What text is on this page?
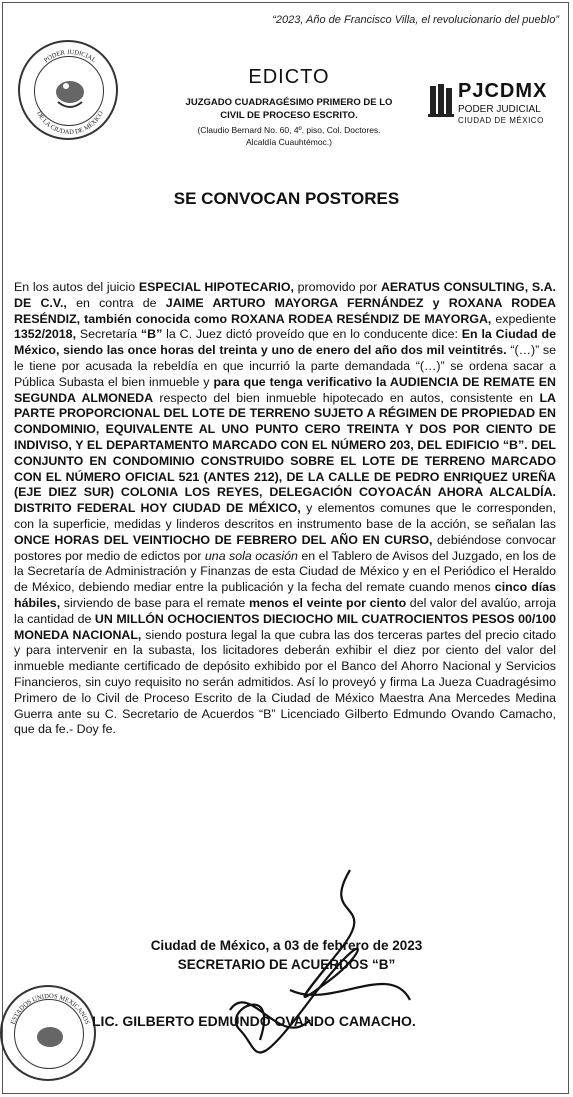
“2023, Año de Francisco Villa, el revolucionario del pueblo”
PODER JUDICIAL
DE LA CIUDAD DE MÉXICO
EDICTO
JUZGADO CUADRAGÉSIMO PRIMERO DE LO
CIVIL DE PROCESO ESCRITO.
(Claudio Bernard No. 60, 4º. piso, Col. Doctores.
Alcaldía Cuauhtémoc.)
PJCDMX
PODER JUDICIAL
CIUDAD DE MÉXICO
SE CONVOCAN POSTORES
En los autos del juicio ESPECIAL HIPOTECARIO, promovido por AERATUS CONSULTING, S.A. DE C.V., en contra de JAIME ARTURO MAYORGA FERNÁNDEZ y ROXANA RODEA RESÉNDIZ, también conocida como ROXANA RODEA RESÉNDIZ DE MAYORGA, expediente 1352/2018, Secretaría “B” la C. Juez dictó proveído que en lo conducente dice: En la Ciudad de México, siendo las once horas del treinta y uno de enero del año dos mil veintitrés. “(…)” se le tiene por acusada la rebeldía en que incurrió la parte demandada “(…)” se ordena sacar a Pública Subasta el bien inmueble y para que tenga verificativo la AUDIENCIA DE REMATE EN SEGUNDA ALMONEDA respecto del bien inmueble hipotecado en autos, consistente en LA PARTE PROPORCIONAL DEL LOTE DE TERRENO SUJETO A RÉGIMEN DE PROPIEDAD EN CONDOMINIO, EQUIVALENTE AL UNO PUNTO CERO TREINTA Y DOS POR CIENTO DE INDIVISO, Y EL DEPARTAMENTO MARCADO CON EL NÚMERO 203, DEL EDIFICIO “B”. DEL CONJUNTO EN CONDOMINIO CONSTRUIDO SOBRE EL LOTE DE TERRENO MARCADO CON EL NÚMERO OFICIAL 521 (ANTES 212), DE LA CALLE DE PEDRO ENRIQUEZ UREÑA (EJE DIEZ SUR) COLONIA LOS REYES, DELEGACIÓN COYOACÁN AHORA ALCALDÍA. DISTRITO FEDERAL HOY CIUDAD DE MÉXICO, y elementos comunes que le corresponden, con la superficie, medidas y linderos descritos en instrumento base de la acción, se señalan las ONCE HORAS DEL VEINTIOCHO DE FEBRERO DEL AÑO EN CURSO, debiéndose convocar postores por medio de edictos por una sola ocasión en el Tablero de Avisos del Juzgado, en los de la Secretaría de Administración y Finanzas de esta Ciudad de México y en el Periódico el Heraldo de México, debiendo mediar entre la publicación y la fecha del remate cuando menos cinco días hábiles, sirviendo de base para el remate menos el veinte por ciento del valor del avalúo, arroja la cantidad de UN MILLÓN OCHOCIENTOS DIECIOCHO MIL CUATROCIENTOS PESOS 00/100 MONEDA NACIONAL, siendo postura legal la que cubra las dos terceras partes del precio citado y para intervenir en la subasta, los licitadores deberán exhibir el diez por ciento del valor del inmueble mediante certificado de depósito exhibido por el Banco del Ahorro Nacional y Servicios Financieros, sin cuyo requisito no serán admitidos. Así lo proveyó y firma La Jueza Cuadragésimo Primero de lo Civil de Proceso Escrito de la Ciudad de México Maestra Ana Mercedes Medina Guerra ante su C. Secretario de Acuerdos “B” Licenciado Gilberto Edmundo Ovando Camacho, que da fe.- Doy fe.
Ciudad de México, a 03 de febrero de 2023
SECRETARIO DE ACUERDOS “B”
ESTADOS UNIDOS MEXICANOS LIC. GILBERTO EDMUNDO OVANDO CAMACHO.
